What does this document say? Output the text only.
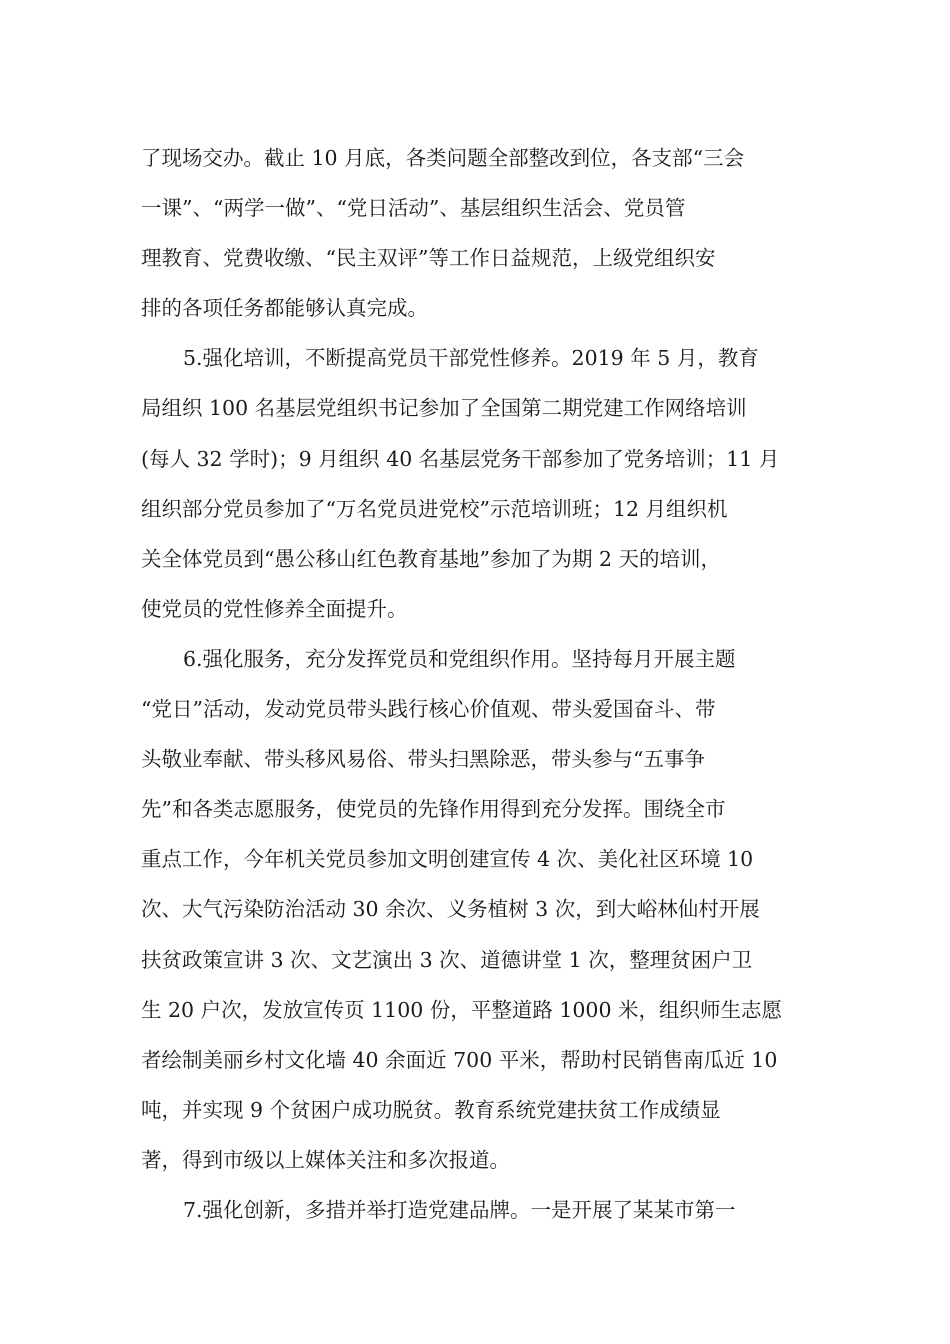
了现场交办。截止 10 月底，各类问题全部整改到位，各支部“三会
一课”、“两学一做”、“党日活动”、基层组织生活会、党员管
理教育、党费收缴、“民主双评”等工作日益规范，上级党组织安
排的各项任务都能够认真完成。
5.强化培训，不断提高党员干部党性修养。2019 年 5 月，教育
局组织 100 名基层党组织书记参加了全国第二期党建工作网络培训
(每人 32 学时)；9 月组织 40 名基层党务干部参加了党务培训；11 月
组织部分党员参加了“万名党员进党校”示范培训班；12 月组织机
关全体党员到“愚公移山红色教育基地”参加了为期 2 天的培训，
使党员的党性修养全面提升。
6.强化服务，充分发挥党员和党组织作用。坚持每月开展主题
“党日”活动，发动党员带头践行核心价值观、带头爱国奋斗、带
头敬业奉献、带头移风易俗、带头扫黑除恶，带头参与“五事争
先”和各类志愿服务，使党员的先锋作用得到充分发挥。围绕全市
重点工作，今年机关党员参加文明创建宣传 4 次、美化社区环境 10
次、大气污染防治活动 30 余次、义务植树 3 次，到大峪林仙村开展
扶贫政策宣讲 3 次、文艺演出 3 次、道德讲堂 1 次，整理贫困户卫
生 20 户次，发放宣传页 1100 份，平整道路 1000 米，组织师生志愿
者绘制美丽乡村文化墙 40 余面近 700 平米，帮助村民销售南瓜近 10
吨，并实现 9 个贫困户成功脱贫。教育系统党建扶贫工作成绩显
著，得到市级以上媒体关注和多次报道。
7.强化创新，多措并举打造党建品牌。一是开展了某某市第一
